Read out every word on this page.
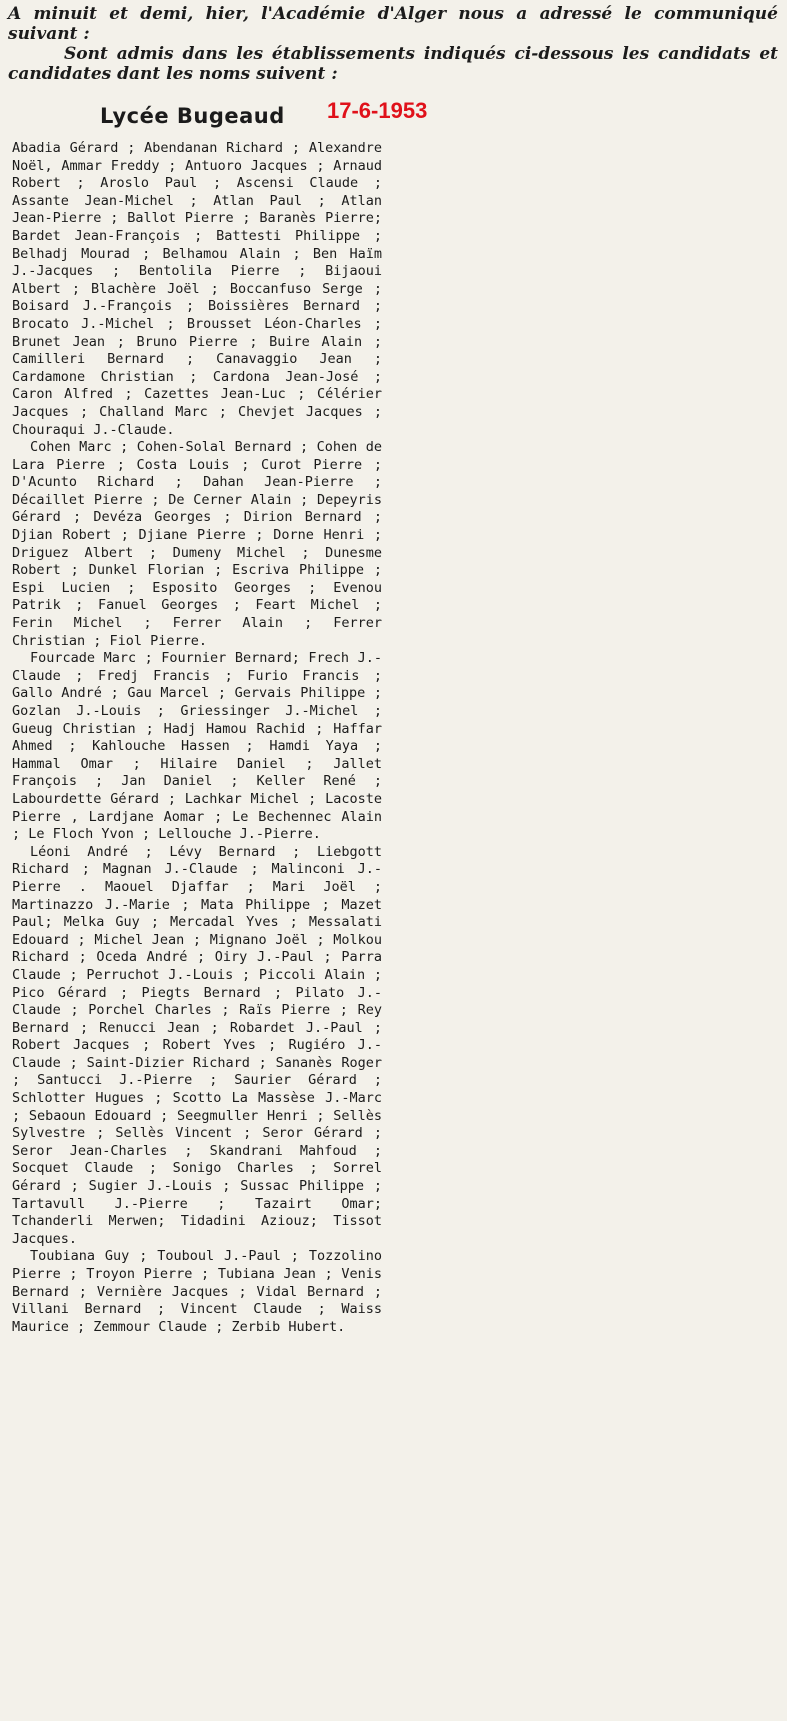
A minuit et demi, hier, l'Académie d'Alger nous a adressé le communiqué suivant :

Sont admis dans les établissements indiqués ci-dessous les candidats et candidates dant les noms suivent :

Lycée Bugeaud 17-6-1953

Abadia Gérard ; Abendanan Richard ; Alexandre Noël, Ammar Freddy ; Antuoro Jacques ; Arnaud Robert ; Aroslo Paul ; Ascensi Claude ; Assante Jean-Michel ; Atlan Paul ; Atlan Jean-Pierre ; Ballot Pierre ; Baranès Pierre; Bardet Jean-François ; Battesti Philippe ; Belhadj Mourad ; Belhamou Alain ; Ben Haïm J.-Jacques ; Bentolila Pierre ; Bijaoui Albert ; Blachère Joël ; Boccanfuso Serge ; Boisard J.-François ; Boissières Bernard ; Brocato J.-Michel ; Brousset Léon-Charles ; Brunet Jean ; Bruno Pierre ; Buire Alain ; Camilleri Bernard ; Canavaggio Jean ; Cardamone Christian ; Cardona Jean-José ; Caron Alfred ; Cazettes Jean-Luc ; Célérier Jacques ; Challand Marc ; Chevjet Jacques ; Chouraqui J.-Claude.

Cohen Marc ; Cohen-Solal Bernard ; Cohen de Lara Pierre ; Costa Louis ; Curot Pierre ; D'Acunto Richard ; Dahan Jean-Pierre ; Décaillet Pierre ; De Cerner Alain ; Depeyris Gérard ; Devéza Georges ; Dirion Bernard ; Djian Robert ; Djiane Pierre ; Dorne Henri ; Driguez Albert ; Dumeny Michel ; Dunesme Robert ; Dunkel Florian ; Escriva Philippe ; Espi Lucien ; Esposito Georges ; Evenou Patrik ; Fanuel Georges ; Feart Michel ; Ferin Michel ; Ferrer Alain ; Ferrer Christian ; Fiol Pierre.

Fourcade Marc ; Fournier Bernard; Frech J.-Claude ; Fredj Francis ; Furio Francis ; Gallo André ; Gau Marcel ; Gervais Philippe ; Gozlan J.-Louis ; Griessinger J.-Michel ; Gueug Christian ; Hadj Hamou Rachid ; Haffar Ahmed ; Kahlouche Hassen ; Hamdi Yaya ; Hammal Omar ; Hilaire Daniel ; Jallet François ; Jan Daniel ; Keller René ; Labourdette Gérard ; Lachkar Michel ; Lacoste Pierre , Lardjane Aomar ; Le Bechennec Alain ; Le Floch Yvon ; Lellouche J.-Pierre.

Léoni André ; Lévy Bernard ; Liebgott Richard ; Magnan J.-Claude ; Malinconi J.-Pierre . Maouel Djaffar ; Mari Joël ; Martinazzo J.-Marie ; Mata Philippe ; Mazet Paul; Melka Guy ; Mercadal Yves ; Messalati Edouard ; Michel Jean ; Mignano Joël ; Molkou Richard ; Oceda André ; Oiry J.-Paul ; Parra Claude ; Perruchot J.-Louis ; Piccoli Alain ; Pico Gérard ; Piegts Bernard ; Pilato J.-Claude ; Porchel Charles ; Raïs Pierre ; Rey Bernard ; Renucci Jean ; Robardet J.-Paul ; Robert Jacques ; Robert Yves ; Rugiéro J.-Claude ; Saint-Dizier Richard ; Sananès Roger ; Santucci J.-Pierre ; Saurier Gérard ; Schlotter Hugues ; Scotto La Massèse J.-Marc ; Sebaoun Edouard ; Seegmuller Henri ; Sellès Sylvestre ; Sellès Vincent ; Seror Gérard ; Seror Jean-Charles ; Skandrani Mahfoud ; Socquet Claude ; Sonigo Charles ; Sorrel Gérard ; Sugier J.-Louis ; Sussac Philippe ; Tartavull J.-Pierre ; Tazairt Omar; Tchanderli Merwen; Tidadini Aziouz; Tissot Jacques.

Toubiana Guy ; Touboul J.-Paul ; Tozzolino Pierre ; Troyon Pierre ; Tubiana Jean ; Venis Bernard ; Vernière Jacques ; Vidal Bernard ; Villani Bernard ; Vincent Claude ; Waiss Maurice ; Zemmour Claude ; Zerbib Hubert.
